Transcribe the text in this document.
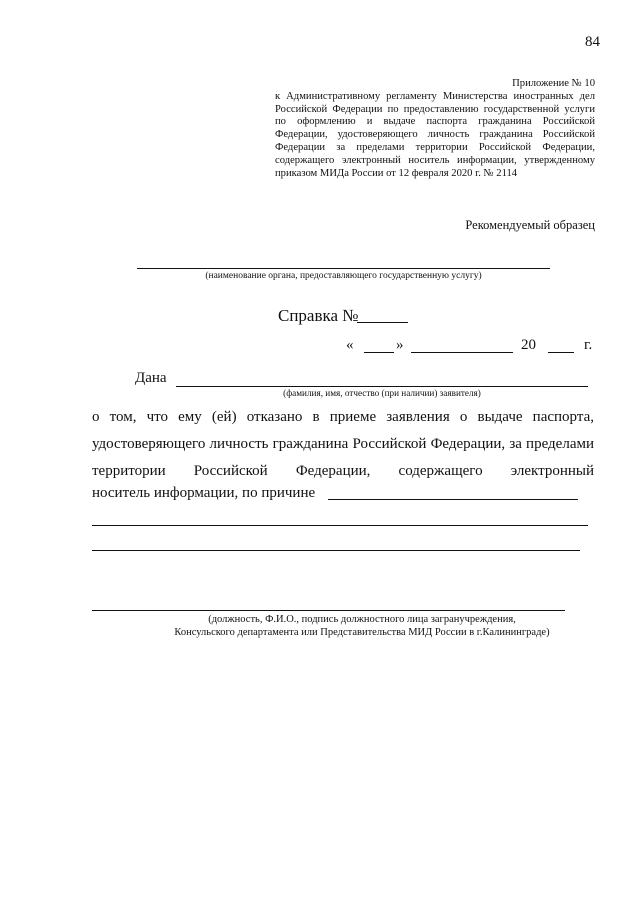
84
Приложение № 10
к Административному регламенту Министерства иностранных дел Российской Федерации по предоставлению государственной услуги по оформлению и выдаче паспорта гражданина Российской Федерации, удостоверяющего личность гражданина Российской Федерации за пределами территории Российской Федерации, содержащего электронный носитель информации, утвержденному приказом МИДа России от 12 февраля 2020 г. № 2114
Рекомендуемый образец
(наименование органа, предоставляющего государственную услугу)
Справка №
«	»	20	г.
Дана
(фамилия, имя, отчество (при наличии) заявителя)
о том, что ему (ей) отказано в приеме заявления о выдаче паспорта, удостоверяющего личность гражданина Российской Федерации, за пределами территории Российской Федерации, содержащего электронный
носитель информации, по причине
(должность, Ф.И.О., подпись должностного лица загранучреждения,
Консульского департамента или Представительства МИД России в г.Калининграде)
